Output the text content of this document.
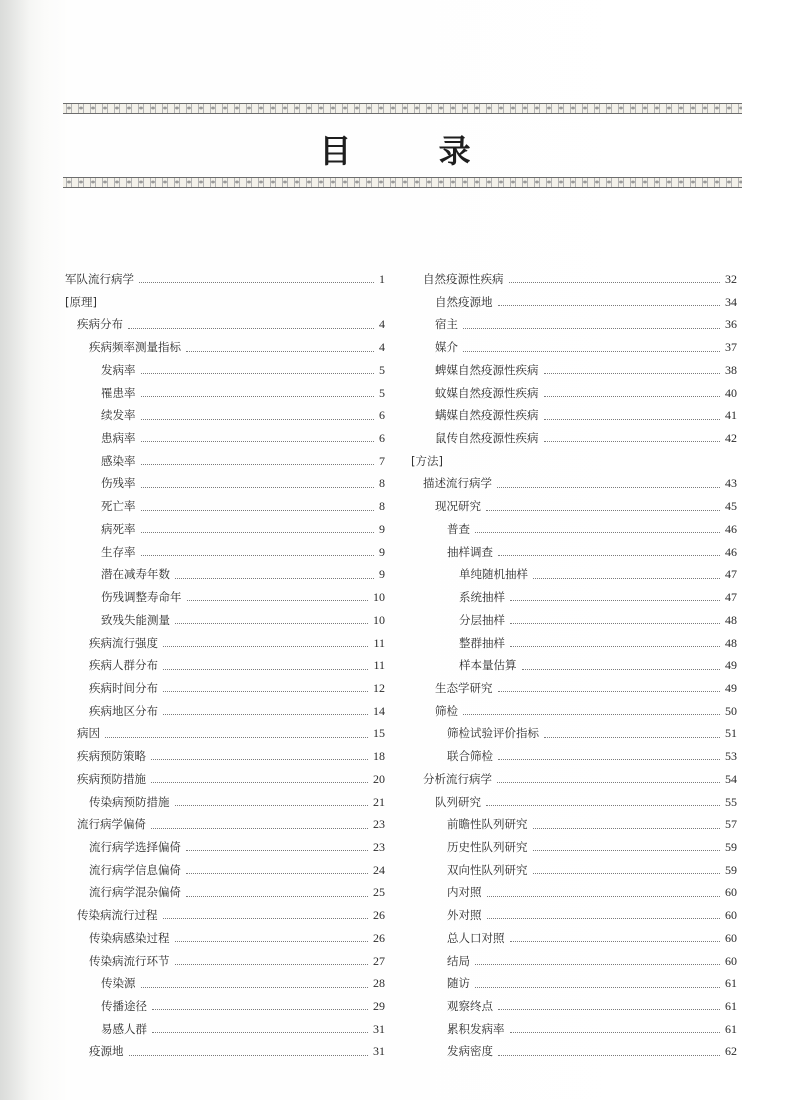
目 录
军队流行病学	1
[原理]
疾病分布	4
疾病频率测量指标	4
发病率	5
罹患率	5
续发率	6
患病率	6
感染率	7
伤残率	8
死亡率	8
病死率	9
生存率	9
潜在减寿年数	9
伤残调整寿命年	10
致残失能测量	10
疾病流行强度	11
疾病人群分布	11
疾病时间分布	12
疾病地区分布	14
病因	15
疾病预防策略	18
疾病预防措施	20
传染病预防措施	21
流行病学偏倚	23
流行病学选择偏倚	23
流行病学信息偏倚	24
流行病学混杂偏倚	25
传染病流行过程	26
传染病感染过程	26
传染病流行环节	27
传染源	28
传播途径	29
易感人群	31
疫源地	31
自然疫源性疾病	32
自然疫源地	34
宿主	36
媒介	37
蜱媒自然疫源性疾病	38
蚊媒自然疫源性疾病	40
螨媒自然疫源性疾病	41
鼠传自然疫源性疾病	42
[方法]
描述流行病学	43
现况研究	45
普查	46
抽样调查	46
单纯随机抽样	47
系统抽样	47
分层抽样	48
整群抽样	48
样本量估算	49
生态学研究	49
筛检	50
筛检试验评价指标	51
联合筛检	53
分析流行病学	54
队列研究	55
前瞻性队列研究	57
历史性队列研究	59
双向性队列研究	59
内对照	60
外对照	60
总人口对照	60
结局	60
随访	61
观察终点	61
累积发病率	61
发病密度	62
